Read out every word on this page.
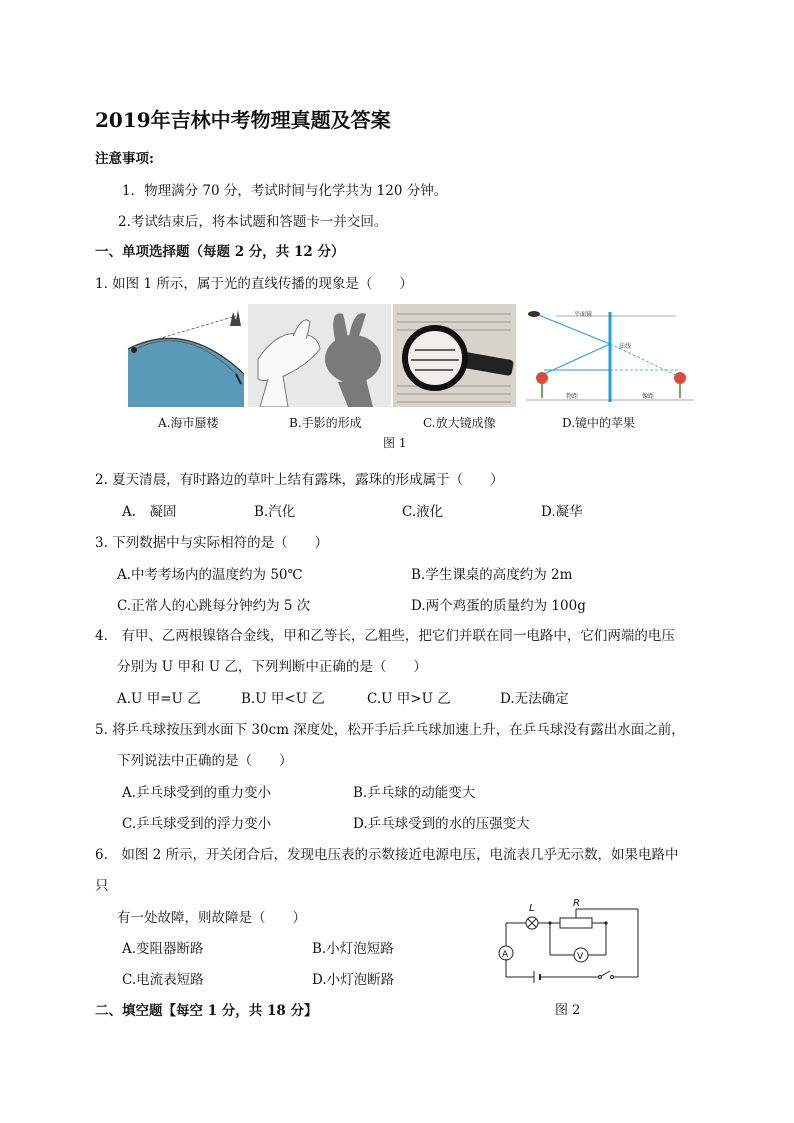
2019年吉林中考物理真题及答案
注意事项:
1．物理满分 70 分，考试时间与化学共为 120 分钟。
2.考试结束后，将本试题和答题卡一并交回。
一、单项选择题（每题 2 分，共 12 分）
1. 如图 1 所示，属于光的直线传播的现象是（　　）
平面镜
法线
物距	像距
A.海市蜃楼	B.手影的形成	C.放大镜成像	D.镜中的苹果
图 1
2. 夏天清晨，有时路边的草叶上结有露珠，露珠的形成属于（　　）
A.　凝固	B.汽化	C.液化	D.凝华
3. 下列数据中与实际相符的是（　　）
A.中考考场内的温度约为 50℃	B.学生课桌的高度约为 2m
C.正常人的心跳每分钟约为 5 次	D.两个鸡蛋的质量约为 100g
4.　有甲、乙两根镍铬合金线，甲和乙等长，乙粗些，把它们并联在同一电路中，它们两端的电压
分别为 U 甲和 U 乙，下列判断中正确的是（　　）
A.U 甲=U 乙	B.U 甲<U 乙	C.U 甲>U 乙	D.无法确定
5. 将乒乓球按压到水面下 30cm 深度处，松开手后乒乓球加速上升，在乒乓球没有露出水面之前，
下列说法中正确的是（　　）
A.乒乓球受到的重力变小	B.乒乓球的动能变大
C.乒乓球受到的浮力变小	D.乒乓球受到的水的压强变大
6.　如图 2 所示，开关闭合后，发现电压表的示数接近电源电压，电流表几乎无示数，如果电路中
只
有一处故障，则故障是（　　）
A.变阻器断路	B.小灯泡短路
C.电流表短路	D.小灯泡断路
L	R
A	V
图 2
二、填空题【每空 1 分，共 18 分】
